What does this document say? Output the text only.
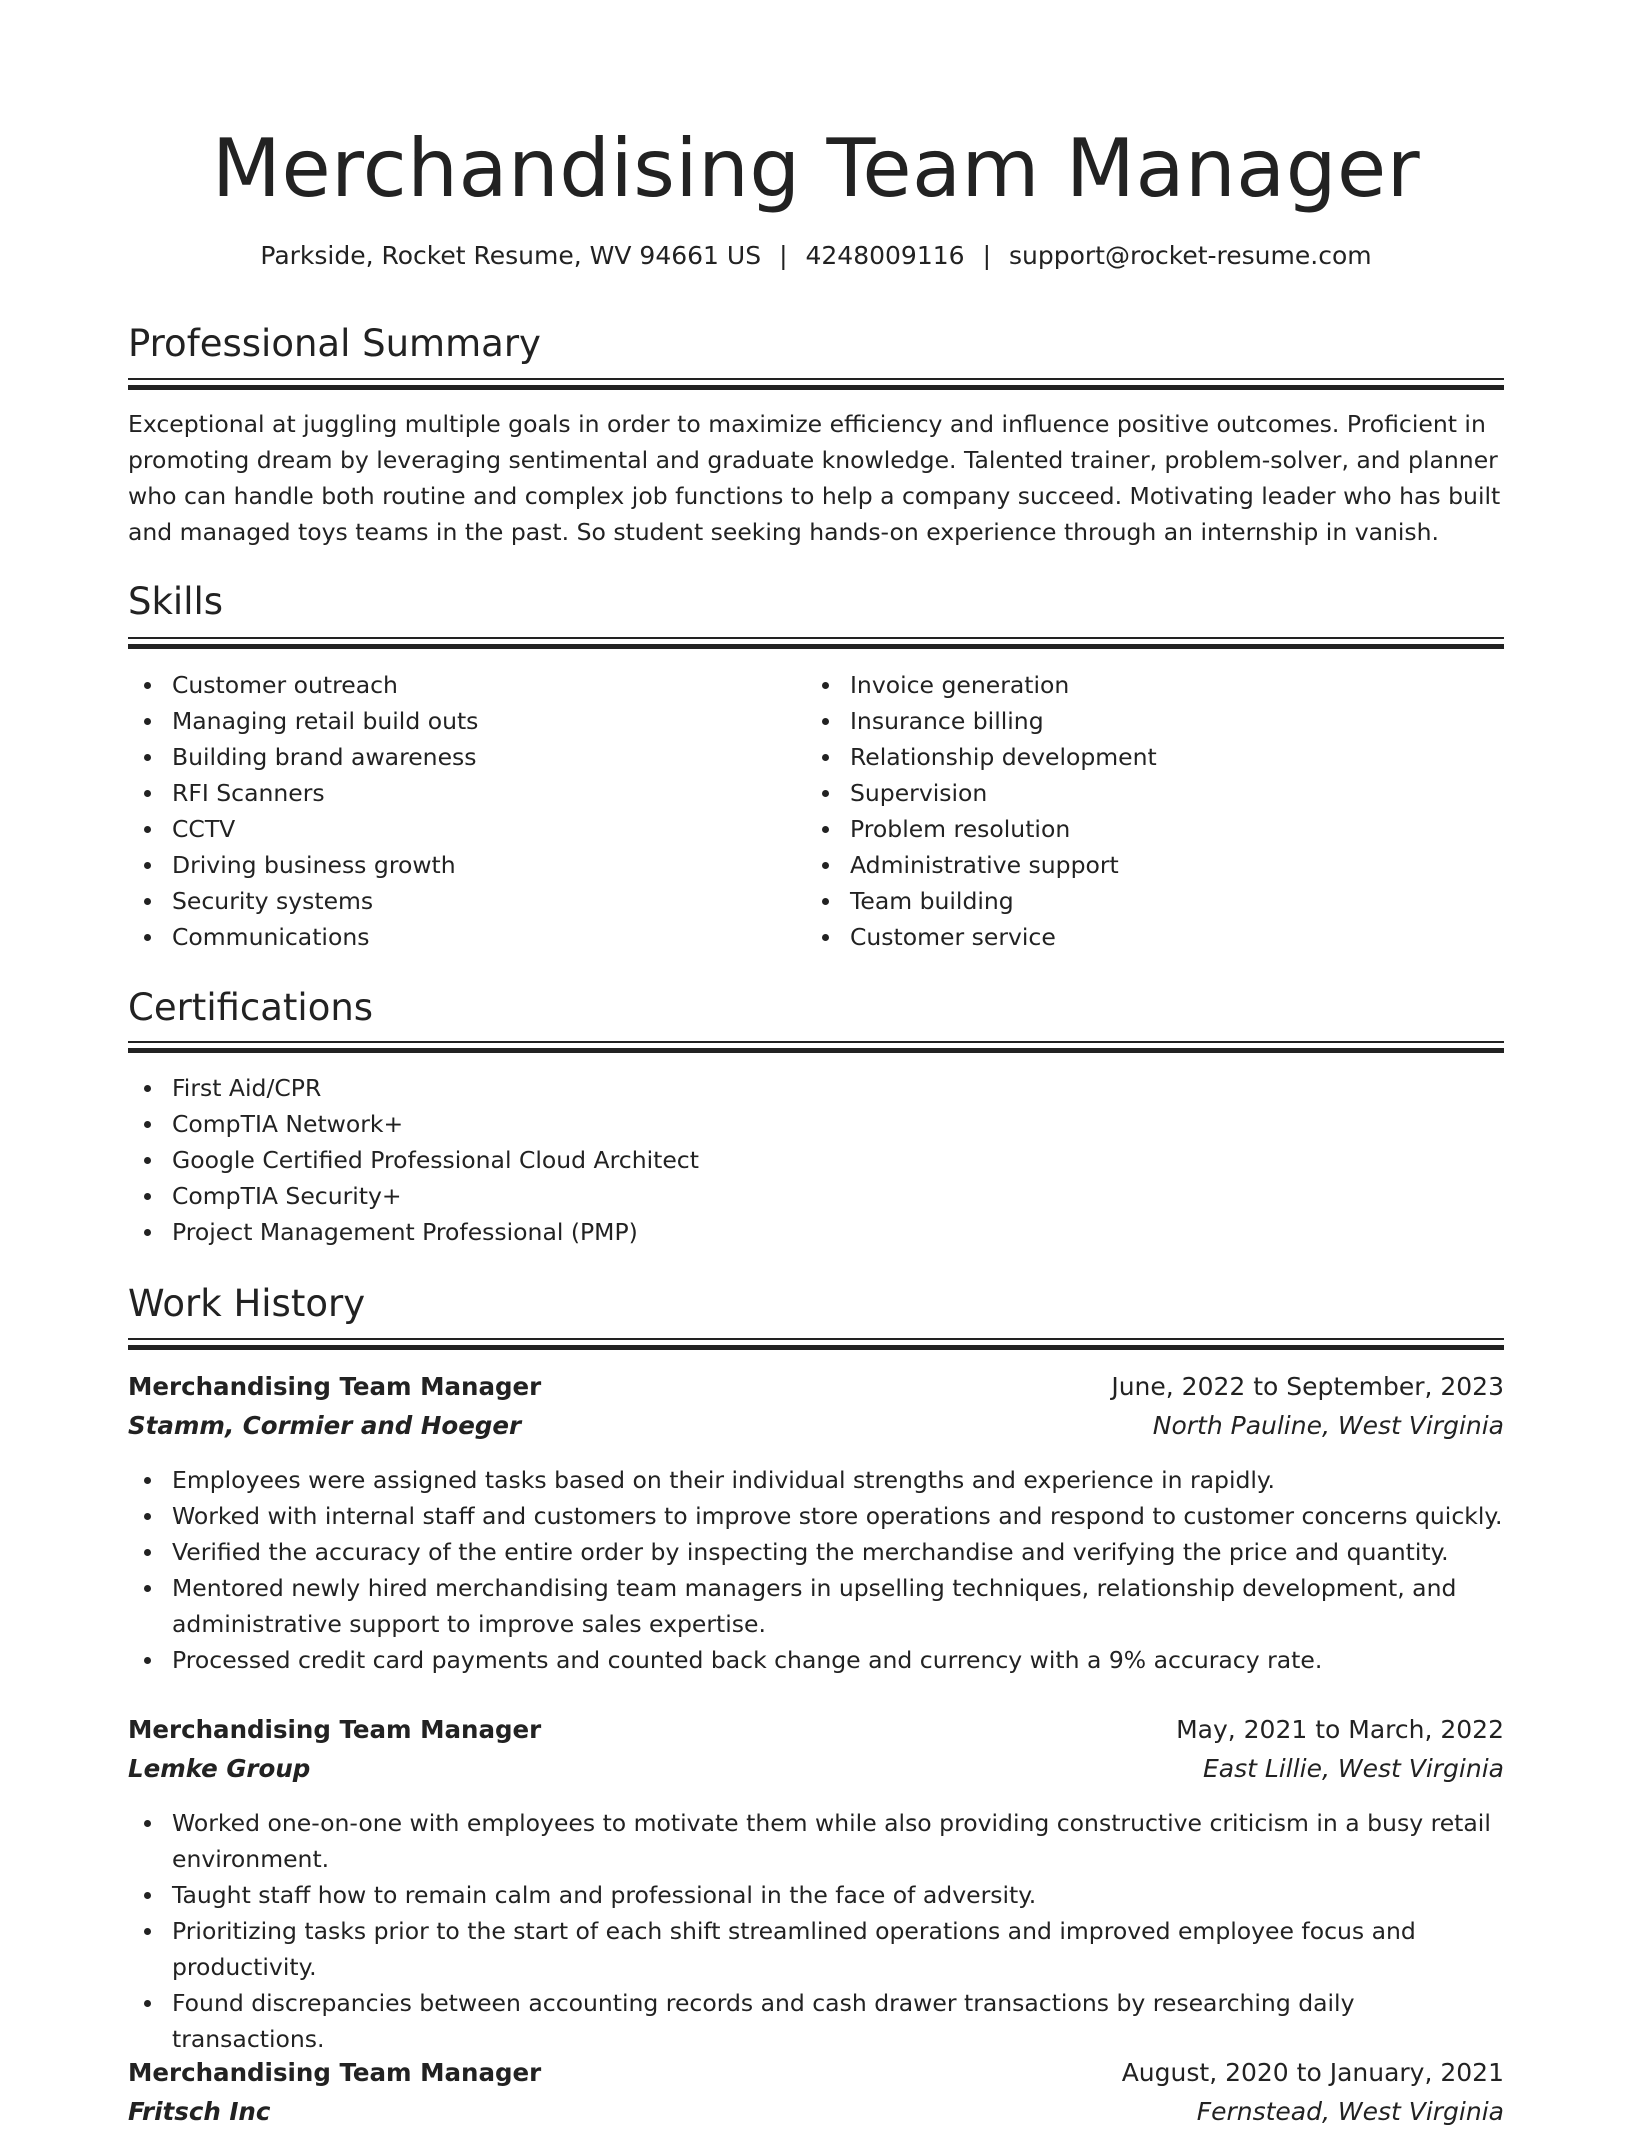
Merchandising Team Manager
Parkside, Rocket Resume, WV 94661 US | 4248009116 | support@rocket-resume.com
Professional Summary

Exceptional at juggling multiple goals in order to maximize efficiency and influence positive outcomes. Proficient in promoting dream by leveraging sentimental and graduate knowledge. Talented trainer, problem-solver, and planner who can handle both routine and complex job functions to help a company succeed. Motivating leader who has built and managed toys teams in the past. So student seeking hands-on experience through an internship in vanish.

Skills
Customer outreach
Managing retail build outs
Building brand awareness
RFI Scanners
CCTV
Driving business growth
Security systems
Communications
Invoice generation
Insurance billing
Relationship development
Supervision
Problem resolution
Administrative support
Team building
Customer service
Certifications
First Aid/CPR
CompTIA Network+
Google Certified Professional Cloud Architect
CompTIA Security+
Project Management Professional (PMP)
Work History
Merchandising Team Manager	June, 2022 to September, 2023
Stamm, Cormier and Hoeger	North Pauline, West Virginia
Employees were assigned tasks based on their individual strengths and experience in rapidly.
Worked with internal staff and customers to improve store operations and respond to customer concerns quickly.
Verified the accuracy of the entire order by inspecting the merchandise and verifying the price and quantity.
Mentored newly hired merchandising team managers in upselling techniques, relationship development, and administrative support to improve sales expertise.
Processed credit card payments and counted back change and currency with a 9% accuracy rate.
Merchandising Team Manager	May, 2021 to March, 2022
Lemke Group	East Lillie, West Virginia
Worked one-on-one with employees to motivate them while also providing constructive criticism in a busy retail environment.
Taught staff how to remain calm and professional in the face of adversity.
Prioritizing tasks prior to the start of each shift streamlined operations and improved employee focus and productivity.
Found discrepancies between accounting records and cash drawer transactions by researching daily transactions.
Merchandising Team Manager	August, 2020 to January, 2021
Fritsch Inc	Fernstead, West Virginia
